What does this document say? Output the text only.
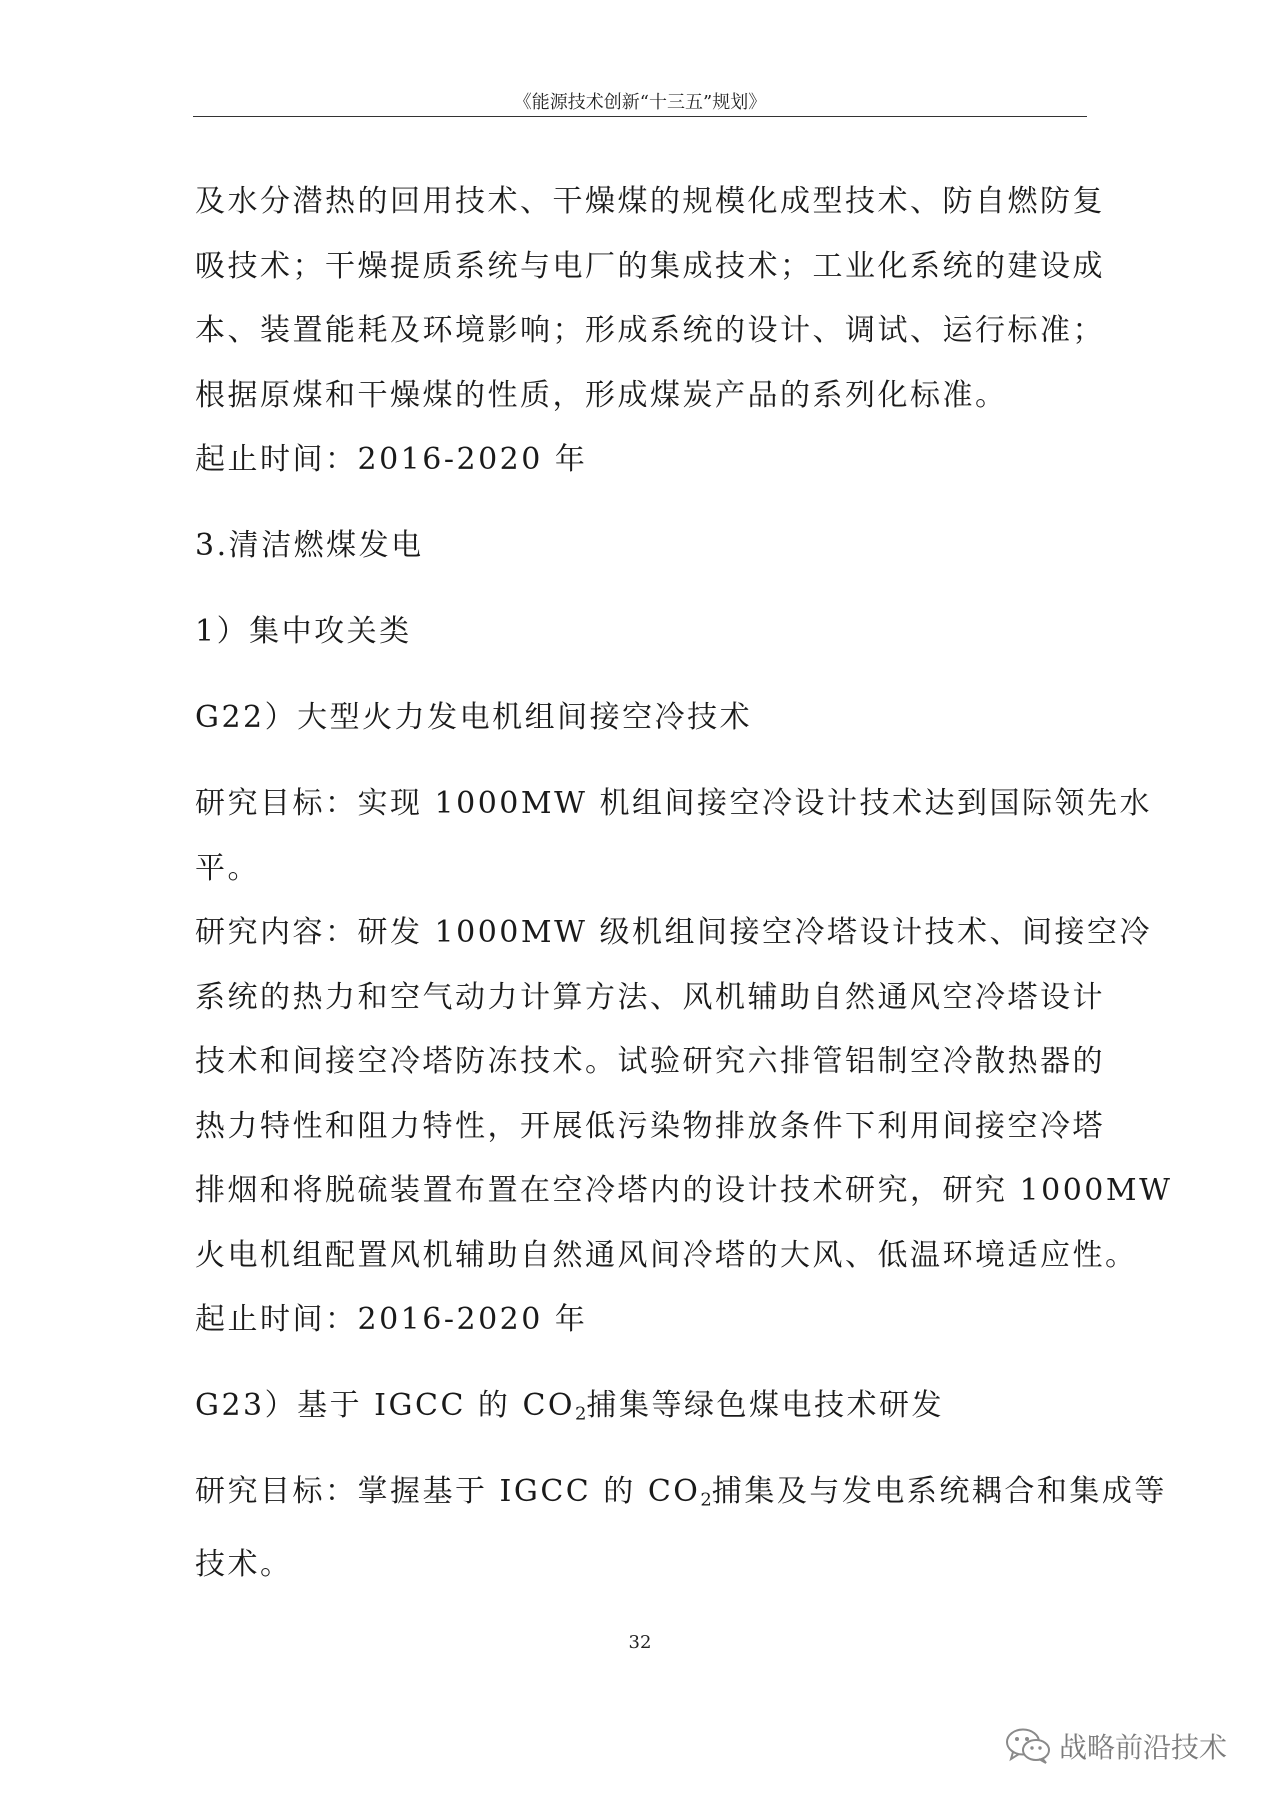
《能源技术创新“十三五”规划》

及水分潜热的回用技术、干燥煤的规模化成型技术、防自燃防复

吸技术；干燥提质系统与电厂的集成技术；工业化系统的建设成

本、装置能耗及环境影响；形成系统的设计、调试、运行标准；

根据原煤和干燥煤的性质，形成煤炭产品的系列化标准。

起止时间：2016-2020 年

3.清洁燃煤发电

1）集中攻关类

G22）大型火力发电机组间接空冷技术

研究目标：实现 1000MW 机组间接空冷设计技术达到国际领先水

平。

研究内容：研发 1000MW 级机组间接空冷塔设计技术、间接空冷

系统的热力和空气动力计算方法、风机辅助自然通风空冷塔设计

技术和间接空冷塔防冻技术。试验研究六排管铝制空冷散热器的

热力特性和阻力特性，开展低污染物排放条件下利用间接空冷塔

排烟和将脱硫装置布置在空冷塔内的设计技术研究，研究 1000MW

火电机组配置风机辅助自然通风间冷塔的大风、低温环境适应性。

起止时间：2016-2020 年

G23）基于 IGCC 的 $CO_2$捕集等绿色煤电技术研发

研究目标：掌握基于 IGCC 的 $CO_2$捕集及与发电系统耦合和集成等

技术。

32
战略前沿技术
